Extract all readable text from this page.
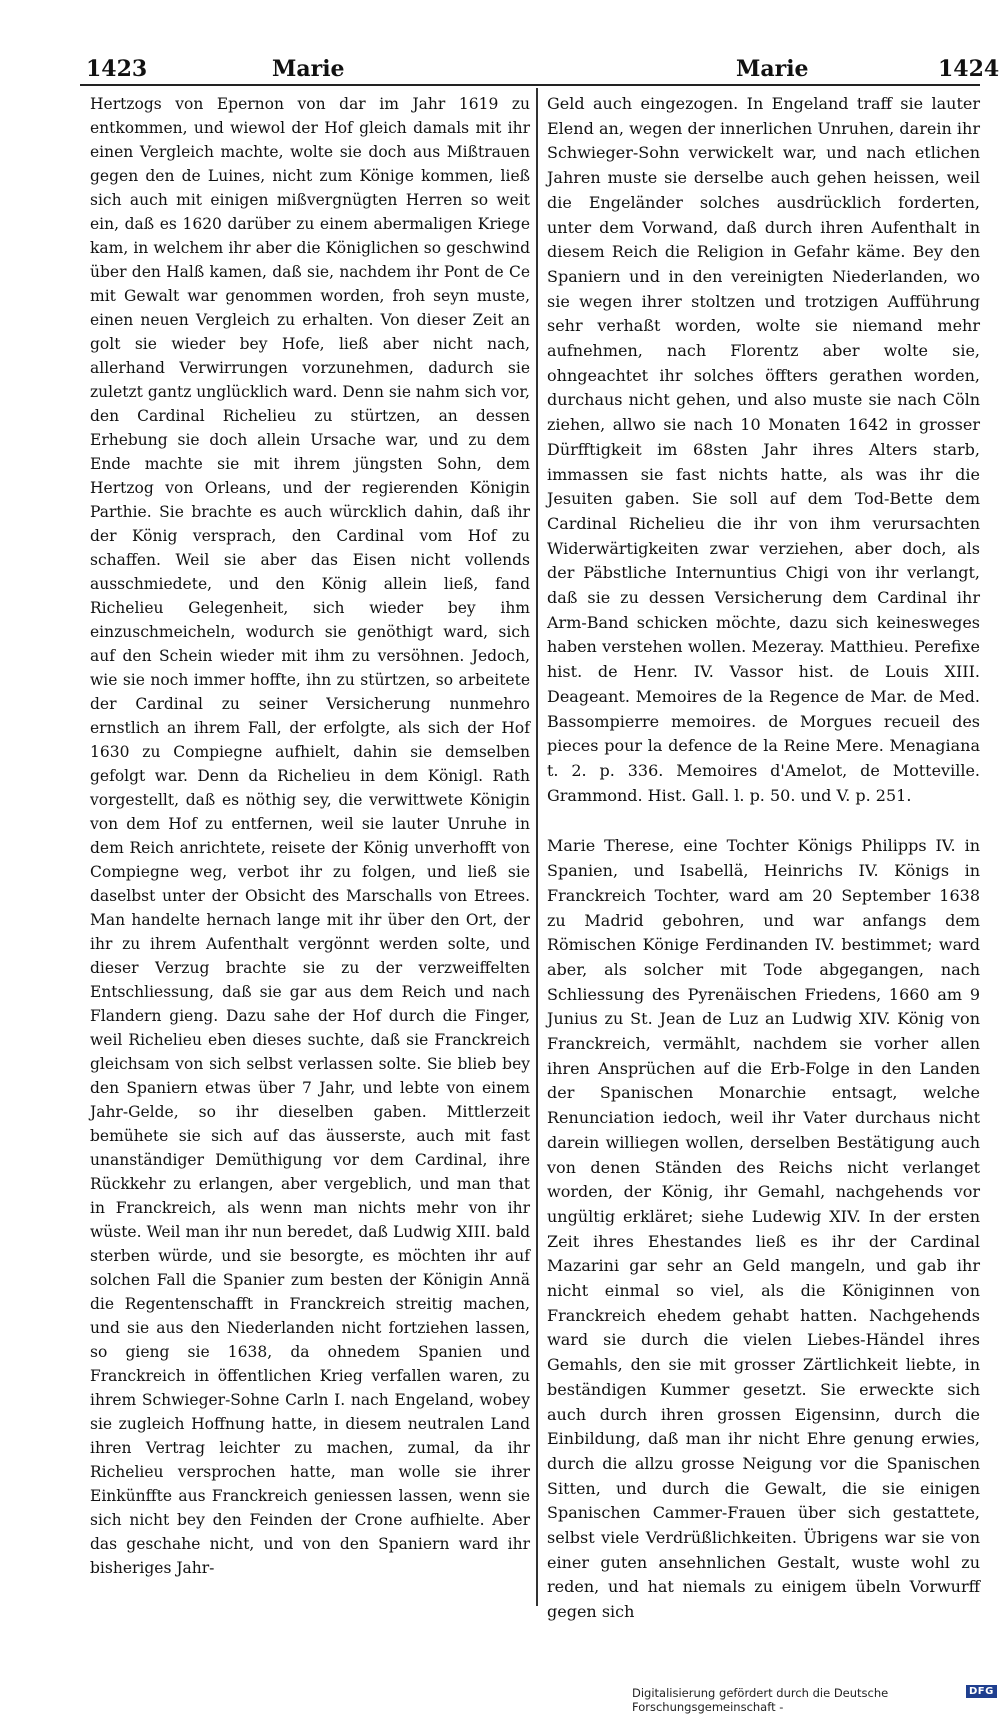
1423	Marie	Marie	1424

Hertzogs von Epernon von dar im Jahr 1619 zu entkommen, und wiewol der Hof gleich damals mit ihr einen Vergleich machte, wolte sie doch aus Mißtrauen gegen den de Luines, nicht zum Könige kommen, ließ sich auch mit einigen mißvergnügten Herren so weit ein, daß es 1620 darüber zu einem abermaligen Kriege kam, in welchem ihr aber die Königlichen so geschwind über den Halß kamen, daß sie, nachdem ihr Pont de Ce mit Gewalt war genommen worden, froh seyn muste, einen neuen Vergleich zu erhalten. Von dieser Zeit an golt sie wieder bey Hofe, ließ aber nicht nach, allerhand Verwirrungen vorzunehmen, dadurch sie zuletzt gantz unglücklich ward. Denn sie nahm sich vor, den Cardinal Richelieu zu stürtzen, an dessen Erhebung sie doch allein Ursache war, und zu dem Ende machte sie mit ihrem jüngsten Sohn, dem Hertzog von Orleans, und der regierenden Königin Parthie. Sie brachte es auch würcklich dahin, daß ihr der König versprach, den Cardinal vom Hof zu schaffen. Weil sie aber das Eisen nicht vollends ausschmiedete, und den König allein ließ, fand Richelieu Gelegenheit, sich wieder bey ihm einzuschmeicheln, wodurch sie genöthigt ward, sich auf den Schein wieder mit ihm zu versöhnen. Jedoch, wie sie noch immer hoffte, ihn zu stürtzen, so arbeitete der Cardinal zu seiner Versicherung nunmehro ernstlich an ihrem Fall, der erfolgte, als sich der Hof 1630 zu Compiegne aufhielt, dahin sie demselben gefolgt war. Denn da Richelieu in dem Königl. Rath vorgestellt, daß es nöthig sey, die verwittwete Königin von dem Hof zu entfernen, weil sie lauter Unruhe in dem Reich anrichtete, reisete der König unverhofft von Compiegne weg, verbot ihr zu folgen, und ließ sie daselbst unter der Obsicht des Marschalls von Etrees. Man handelte hernach lange mit ihr über den Ort, der ihr zu ihrem Aufenthalt vergönnt werden solte, und dieser Verzug brachte sie zu der verzweiffelten Entschliessung, daß sie gar aus dem Reich und nach Flandern gieng. Dazu sahe der Hof durch die Finger, weil Richelieu eben dieses suchte, daß sie Franckreich gleichsam von sich selbst verlassen solte. Sie blieb bey den Spaniern etwas über 7 Jahr, und lebte von einem Jahr-Gelde, so ihr dieselben gaben. Mittlerzeit bemühete sie sich auf das äusserste, auch mit fast unanständiger Demüthigung vor dem Cardinal, ihre Rückkehr zu erlangen, aber vergeblich, und man that in Franckreich, als wenn man nichts mehr von ihr wüste. Weil man ihr nun beredet, daß Ludwig XIII. bald sterben würde, und sie besorgte, es möchten ihr auf solchen Fall die Spanier zum besten der Königin Annä die Regentenschafft in Franckreich streitig machen, und sie aus den Niederlanden nicht fortziehen lassen, so gieng sie 1638, da ohnedem Spanien und Franckreich in öffentlichen Krieg verfallen waren, zu ihrem Schwieger-Sohne Carln I. nach Engeland, wobey sie zugleich Hoffnung hatte, in diesem neutralen Land ihren Vertrag leichter zu machen, zumal, da ihr Richelieu versprochen hatte, man wolle sie ihrer Einkünffte aus Franckreich geniessen lassen, wenn sie sich nicht bey den Feinden der Crone aufhielte. Aber das geschahe nicht, und von den Spaniern ward ihr bisheriges Jahr-

Geld auch eingezogen. In Engeland traff sie lauter Elend an, wegen der innerlichen Unruhen, darein ihr Schwieger-Sohn verwickelt war, und nach etlichen Jahren muste sie derselbe auch gehen heissen, weil die Engeländer solches ausdrücklich forderten, unter dem Vorwand, daß durch ihren Aufenthalt in diesem Reich die Religion in Gefahr käme. Bey den Spaniern und in den vereinigten Niederlanden, wo sie wegen ihrer stoltzen und trotzigen Aufführung sehr verhaßt worden, wolte sie niemand mehr aufnehmen, nach Florentz aber wolte sie, ohngeachtet ihr solches öffters gerathen worden, durchaus nicht gehen, und also muste sie nach Cöln ziehen, allwo sie nach 10 Monaten 1642 in grosser Dürfftigkeit im 68sten Jahr ihres Alters starb, immassen sie fast nichts hatte, als was ihr die Jesuiten gaben. Sie soll auf dem Tod-Bette dem Cardinal Richelieu die ihr von ihm verursachten Widerwärtigkeiten zwar verziehen, aber doch, als der Päbstliche Internuntius Chigi von ihr verlangt, daß sie zu dessen Versicherung dem Cardinal ihr Arm-Band schicken möchte, dazu sich keinesweges haben verstehen wollen. Mezeray. Matthieu. Perefixe hist. de Henr. IV. Vassor hist. de Louis XIII. Deageant. Memoires de la Regence de Mar. de Med. Bassompierre memoires. de Morgues recueil des pieces pour la defence de la Reine Mere. Menagiana t. 2. p. 336. Memoires d'Amelot, de Motteville. Grammond. Hist. Gall. l. p. 50. und V. p. 251.

Marie Therese, eine Tochter Königs Philipps IV. in Spanien, und Isabellä, Heinrichs IV. Königs in Franckreich Tochter, ward am 20 September 1638 zu Madrid gebohren, und war anfangs dem Römischen Könige Ferdinanden IV. bestimmet; ward aber, als solcher mit Tode abgegangen, nach Schliessung des Pyrenäischen Friedens, 1660 am 9 Junius zu St. Jean de Luz an Ludwig XIV. König von Franckreich, vermählt, nachdem sie vorher allen ihren Ansprüchen auf die Erb-Folge in den Landen der Spanischen Monarchie entsagt, welche Renunciation iedoch, weil ihr Vater durchaus nicht darein williegen wollen, derselben Bestätigung auch von denen Ständen des Reichs nicht verlanget worden, der König, ihr Gemahl, nachgehends vor ungültig erkläret; siehe Ludewig XIV. In der ersten Zeit ihres Ehestandes ließ es ihr der Cardinal Mazarini gar sehr an Geld mangeln, und gab ihr nicht einmal so viel, als die Königinnen von Franckreich ehedem gehabt hatten. Nachgehends ward sie durch die vielen Liebes-Händel ihres Gemahls, den sie mit grosser Zärtlichkeit liebte, in beständigen Kummer gesetzt. Sie erweckte sich auch durch ihren grossen Eigensinn, durch die Einbildung, daß man ihr nicht Ehre genung erwies, durch die allzu grosse Neigung vor die Spanischen Sitten, und durch die Gewalt, die sie einigen Spanischen Cammer-Frauen über sich gestattete, selbst viele Verdrüßlichkeiten. Übrigens war sie von einer guten ansehnlichen Gestalt, wuste wohl zu reden, und hat niemals zu einigem übeln Vorwurff gegen sich

Digitalisierung gefördert durch die Deutsche Forschungsgemeinschaft -
DFG
